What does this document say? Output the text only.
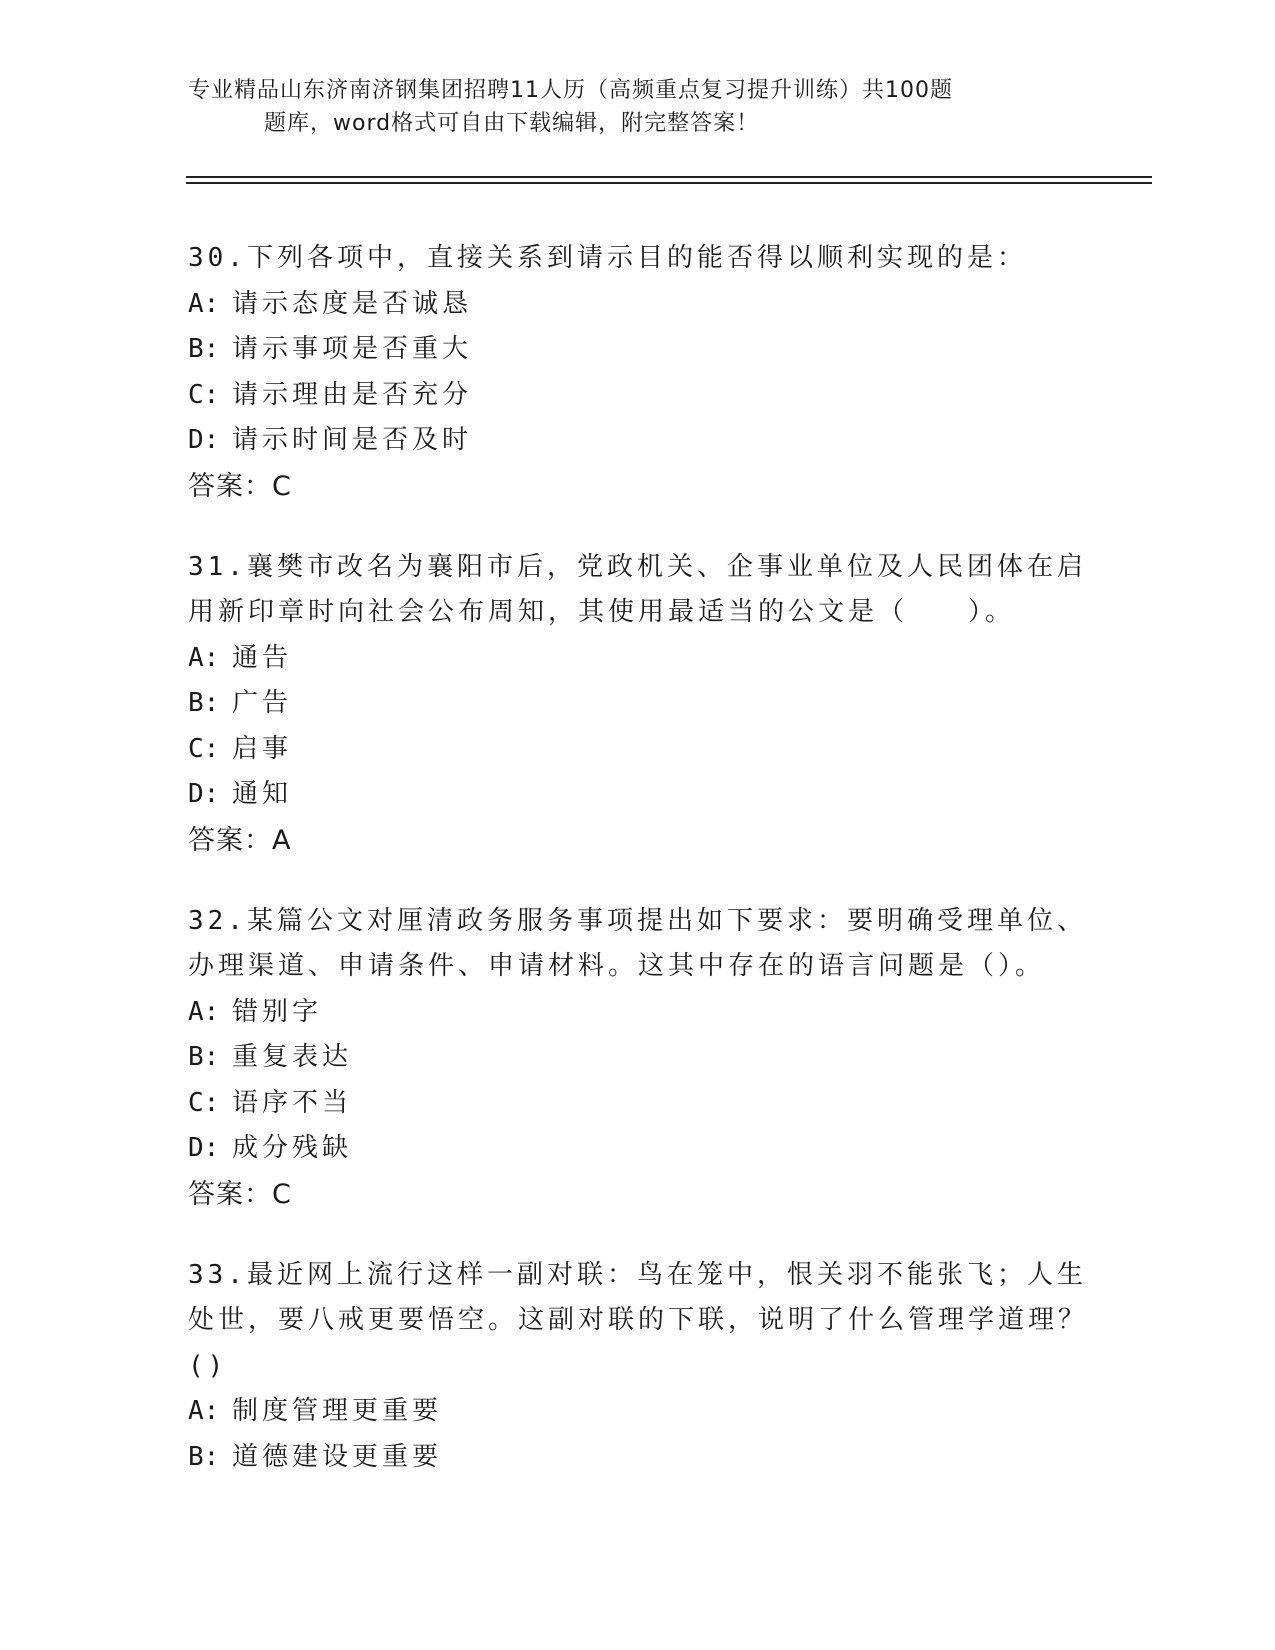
专业精品山东济南济钢集团招聘11人历（高频重点复习提升训练）共100题
题库，word格式可自由下载编辑，附完整答案！

30.下列各项中，直接关系到请示目的能否得以顺利实现的是：

A: 请示态度是否诚恳

B: 请示事项是否重大

C: 请示理由是否充分

D: 请示时间是否及时

答案：C

31.襄樊市改名为襄阳市后，党政机关、企事业单位及人民团体在启用新印章时向社会公布周知，其使用最适当的公文是（　　）。

A: 通告

B: 广告

C: 启事

D: 通知

答案：A

32.某篇公文对厘清政务服务事项提出如下要求：要明确受理单位、办理渠道、申请条件、申请材料。这其中存在的语言问题是（）。

A: 错别字

B: 重复表达

C: 语序不当

D: 成分残缺

答案：C

33.最近网上流行这样一副对联：鸟在笼中，恨关羽不能张飞；人生处世，要八戒更要悟空。这副对联的下联，说明了什么管理学道理？()

A: 制度管理更重要

B: 道德建设更重要
